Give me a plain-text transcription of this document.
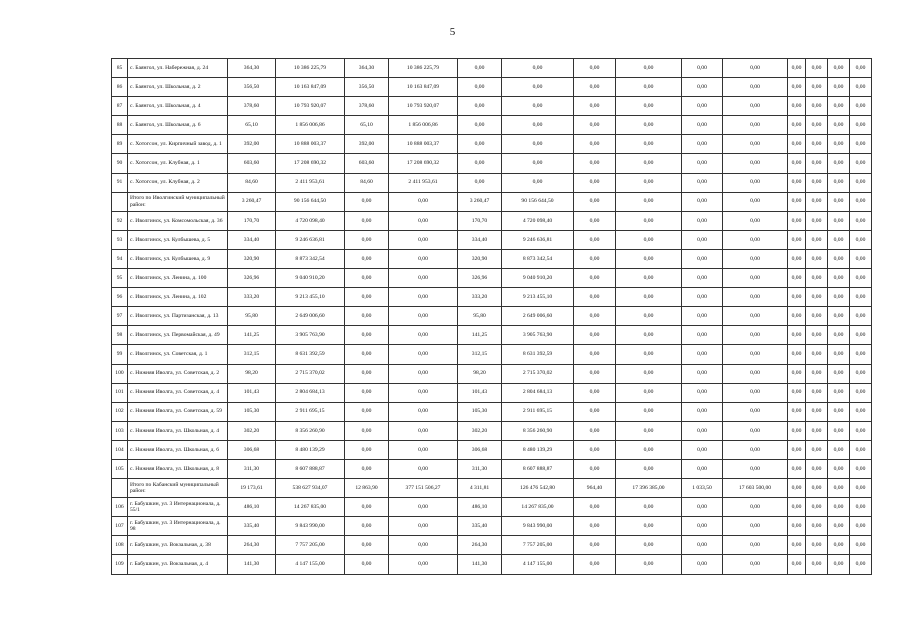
5
85	с. Баянгол, ул. Набережная, д. 24	364,30	10 386 225,79	364,30	10 386 225,79	0,00	0,00	0,00	0,00	0,00	0,00	0,00	0,00	0,00	0,00
86	с. Баянгол, ул. Школьная, д. 2	356,50	10 163 847,09	356,50	10 163 847,09	0,00	0,00	0,00	0,00	0,00	0,00	0,00	0,00	0,00	0,00
87	с. Баянгол, ул. Школьная, д. 4	378,60	10 793 920,07	378,60	10 793 920,07	0,00	0,00	0,00	0,00	0,00	0,00	0,00	0,00	0,00	0,00
88	с. Баянгол, ул. Школьная, д. 6	65,10	1 856 006,86	65,10	1 856 006,86	0,00	0,00	0,00	0,00	0,00	0,00	0,00	0,00	0,00	0,00
89	с. Хотогсон, ул. Кирпичный завод, д. 1	392,00	10 888 003,37	392,00	10 888 003,37	0,00	0,00	0,00	0,00	0,00	0,00	0,00	0,00	0,00	0,00
90	с. Хотогсон, ул. Клубная, д. 1	603,60	17 208 690,32	603,60	17 208 690,32	0,00	0,00	0,00	0,00	0,00	0,00	0,00	0,00	0,00	0,00
91	с. Хотогсон, ул. Клубная, д. 2	84,60	2 411 953,61	84,60	2 411 953,61	0,00	0,00	0,00	0,00	0,00	0,00	0,00	0,00	0,00	0,00
	Итого по Иволгинский муниципальный район:	3 260,47	90 156 644,50	0,00	0,00	3 260,47	90 156 644,50	0,00	0,00	0,00	0,00	0,00	0,00	0,00	0,00
92	с. Иволгинск, ул. Комсомольская, д. 36	170,70	4 720 098,40	0,00	0,00	170,70	4 720 098,40	0,00	0,00	0,00	0,00	0,00	0,00	0,00	0,00
93	с. Иволгинск, ул. Кулбышева, д. 5	334,40	9 246 636,81	0,00	0,00	334,40	9 246 636,81	0,00	0,00	0,00	0,00	0,00	0,00	0,00	0,00
94	с. Иволгинск, ул. Кулбышева, д. 9	320,90	8 873 342,54	0,00	0,00	320,90	8 873 342,54	0,00	0,00	0,00	0,00	0,00	0,00	0,00	0,00
95	с. Иволгинск, ул. Ленина, д. 100	326,96	9 040 910,20	0,00	0,00	326,96	9 040 910,20	0,00	0,00	0,00	0,00	0,00	0,00	0,00	0,00
96	с. Иволгинск, ул. Ленина, д. 102	333,20	9 213 455,10	0,00	0,00	333,20	9 213 455,10	0,00	0,00	0,00	0,00	0,00	0,00	0,00	0,00
97	с. Иволгинск, ул. Партизанская, д. 13	95,80	2 649 006,60	0,00	0,00	95,80	2 649 006,60	0,00	0,00	0,00	0,00	0,00	0,00	0,00	0,00
98	с. Иволгинск, ул. Первомайская, д. 49	141,25	3 905 763,90	0,00	0,00	141,25	3 905 763,90	0,00	0,00	0,00	0,00	0,00	0,00	0,00	0,00
99	с. Иволгинск, ул. Советская, д. 1	312,15	8 631 392,59	0,00	0,00	312,15	8 631 392,59	0,00	0,00	0,00	0,00	0,00	0,00	0,00	0,00
100	с. Нижняя Иволга, ул. Советская, д. 2	98,20	2 715 370,02	0,00	0,00	98,20	2 715 370,02	0,00	0,00	0,00	0,00	0,00	0,00	0,00	0,00
101	с. Нижняя Иволга, ул. Советская, д. 4	101,43	2 804 684,13	0,00	0,00	101,43	2 804 684,13	0,00	0,00	0,00	0,00	0,00	0,00	0,00	0,00
102	с. Нижняя Иволга, ул. Советская, д. 59	105,30	2 911 695,15	0,00	0,00	105,30	2 911 695,15	0,00	0,00	0,00	0,00	0,00	0,00	0,00	0,00
103	с. Нижняя Иволга, ул. Школьная, д. 4	302,20	8 356 260,90	0,00	0,00	302,20	8 356 260,90	0,00	0,00	0,00	0,00	0,00	0,00	0,00	0,00
104	с. Нижняя Иволга, ул. Школьная, д. 6	306,68	8 480 139,29	0,00	0,00	306,68	8 480 139,29	0,00	0,00	0,00	0,00	0,00	0,00	0,00	0,00
105	с. Нижняя Иволга, ул. Школьная, д. 8	311,30	8 607 888,87	0,00	0,00	311,30	8 607 888,87	0,00	0,00	0,00	0,00	0,00	0,00	0,00	0,00
	Итого по Кабанский муниципальный район:	19 173,61	538 627 934,07	12 863,90	377 151 506,27	4 311,81	126 476 542,80	964,40	17 396 385,00	1 033,50	17 603 500,00	0,00	0,00	0,00	0,00
106	г. Бабушкин, ул. 3 Интернационала, д. 55/1	486,10	14 267 835,00	0,00	0,00	486,10	14 267 835,00	0,00	0,00	0,00	0,00	0,00	0,00	0,00	0,00
107	г. Бабушкин, ул. 3 Интернационала, д. 98	335,40	9 843 990,00	0,00	0,00	335,40	9 843 990,00	0,00	0,00	0,00	0,00	0,00	0,00	0,00	0,00
108	г. Бабушкин, ул. Вокзальная, д. 38	264,30	7 757 205,00	0,00	0,00	264,30	7 757 205,00	0,00	0,00	0,00	0,00	0,00	0,00	0,00	0,00
109	г. Бабушкин, ул. Вокзальная, д. 4	141,30	4 147 155,00	0,00	0,00	141,30	4 147 155,00	0,00	0,00	0,00	0,00	0,00	0,00	0,00	0,00
